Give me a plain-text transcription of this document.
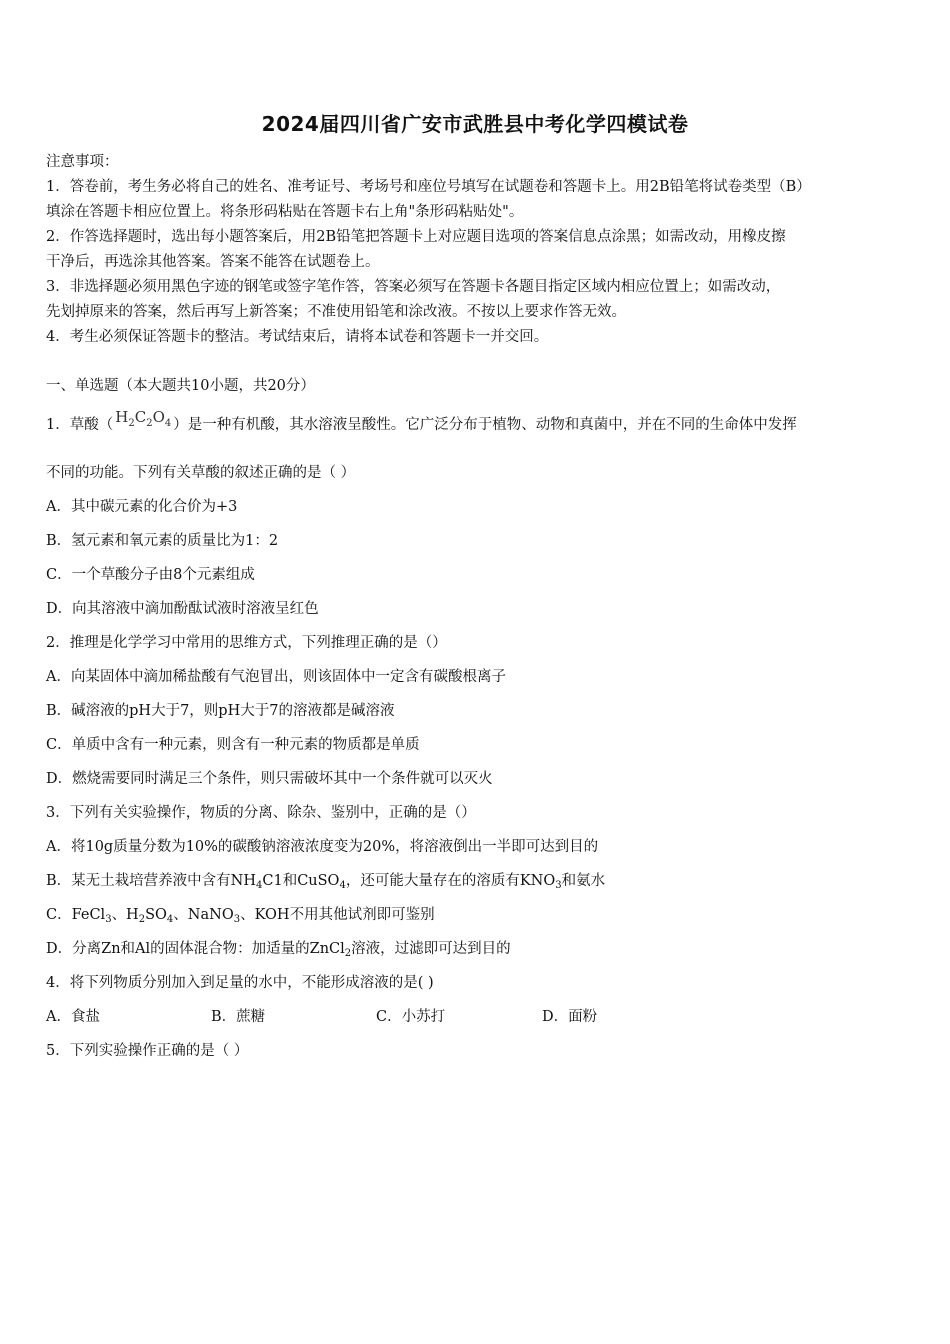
2024届四川省广安市武胜县中考化学四模试卷
注意事项：
1．答卷前，考生务必将自己的姓名、准考证号、考场号和座位号填写在试题卷和答题卡上。用2B铅笔将试卷类型（B）
填涂在答题卡相应位置上。将条形码粘贴在答题卡右上角"条形码粘贴处"。
2．作答选择题时，选出每小题答案后，用2B铅笔把答题卡上对应题目选项的答案信息点涂黑；如需改动，用橡皮擦
干净后，再选涂其他答案。答案不能答在试题卷上。
3．非选择题必须用黑色字迹的钢笔或签字笔作答，答案必须写在答题卡各题目指定区域内相应位置上；如需改动，
先划掉原来的答案，然后再写上新答案；不准使用铅笔和涂改液。不按以上要求作答无效。
4．考生必须保证答题卡的整洁。考试结束后，请将本试卷和答题卡一并交回。
一、单选题（本大题共10小题，共20分）
1．草酸（ $H_2C_2O_4$ ）是一种有机酸，其水溶液呈酸性。它广泛分布于植物、动物和真菌中，并在不同的生命体中发挥
不同的功能。下列有关草酸的叙述正确的是（ ）
A．其中碳元素的化合价为+3
B．氢元素和氧元素的质量比为1：2
C．一个草酸分子由8个元素组成
D．向其溶液中滴加酚酞试液时溶液呈红色
2．推理是化学学习中常用的思维方式，下列推理正确的是（）
A．向某固体中滴加稀盐酸有气泡冒出，则该固体中一定含有碳酸根离子
B．碱溶液的pH大于7，则pH大于7的溶液都是碱溶液
C．单质中含有一种元素，则含有一种元素的物质都是单质
D．燃烧需要同时满足三个条件，则只需破坏其中一个条件就可以灭火
3．下列有关实验操作，物质的分离、除杂、鉴别中，正确的是（）
A．将10g质量分数为10%的碳酸钠溶液浓度变为20%，将溶液倒出一半即可达到目的
B．某无土栽培营养液中含有$NH_4C1$和CuSO$_4$，还可能大量存在的溶质有$KNO_3$和氨水
C．FeCl$_3$、$H_2SO_4$、NaNO$_3$、KOH不用其他试剂即可鉴别
D．分离Zn和Al的固体混合物：加适量的ZnCl$_2$溶液，过滤即可达到目的
4．将下列物质分别加入到足量的水中，不能形成溶液的是( )
A．食盐	B．蔗糖	C．小苏打	D．面粉
5．下列实验操作正确的是（ ）
